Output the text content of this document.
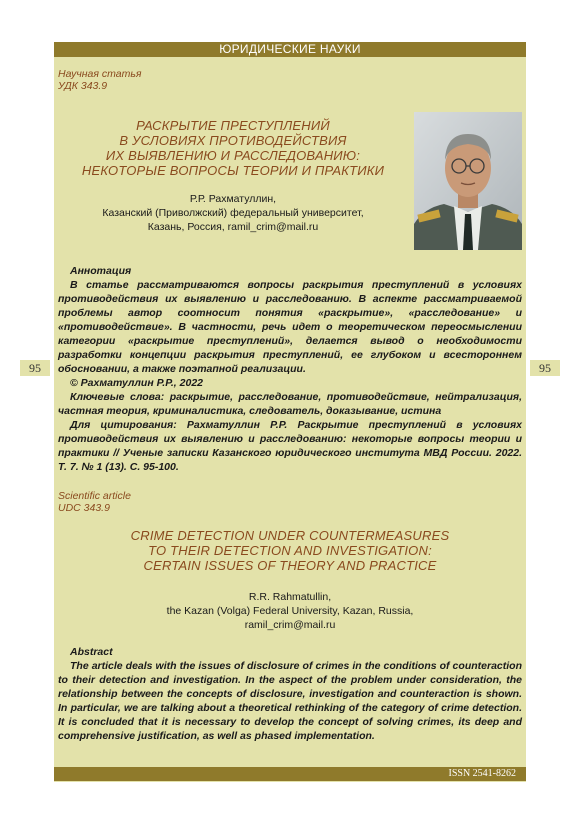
ЮРИДИЧЕСКИЕ НАУКИ
95	95
Научная статья
УДК 343.9
РАСКРЫТИЕ ПРЕСТУПЛЕНИЙ
В УСЛОВИЯХ ПРОТИВОДЕЙСТВИЯ
ИХ ВЫЯВЛЕНИЮ И РАССЛЕДОВАНИЮ:
НЕКОТОРЫЕ ВОПРОСЫ ТЕОРИИ И ПРАКТИКИ
Р.Р. Рахматуллин,
Казанский (Приволжский) федеральный университет,
Казань, Россия, ramil_crim@mail.ru

Аннотация

В статье рассматриваются вопросы раскрытия преступлений в условиях противодействия их выявлению и расследованию. В аспекте рассматриваемой проблемы автор соотносит понятия «раскрытие», «расследование» и «противодействие». В частности, речь идет о теоретическом переосмыслении категории «раскрытие преступлений», делается вывод о необходимости разработки концепции раскрытия преступлений, ее глубоком и всестороннем обосновании, а также поэтапной реализации.

© Рахматуллин Р.Р., 2022

Ключевые слова: раскрытие, расследование, противодействие, нейтрализация, частная теория, криминалистика, следователь, доказывание, истина

Для цитирования: Рахматуллин Р.Р. Раскрытие преступлений в условиях противодействия их выявлению и расследованию: некоторые вопросы теории и практики // Ученые записки Казанского юридического института МВД России. 2022. Т. 7. № 1 (13). С. 95-100.

Scientific article
UDC 343.9
CRIME DETECTION UNDER COUNTERMEASURES
TO THEIR DETECTION AND INVESTIGATION:
CERTAIN ISSUES OF THEORY AND PRACTICE
R.R. Rahmatullin,
the Kazan (Volga) Federal University, Kazan, Russia,
ramil_crim@mail.ru

Abstract

The article deals with the issues of disclosure of crimes in the conditions of counteraction to their detection and investigation. In the aspect of the problem under consideration, the relationship between the concepts of disclosure, investigation and counteraction is shown. In particular, we are talking about a theoretical rethinking of the category of crime detection. It is concluded that it is necessary to develop the concept of solving crimes, its deep and comprehensive justification, as well as phased implementation.

ISSN 2541-8262
